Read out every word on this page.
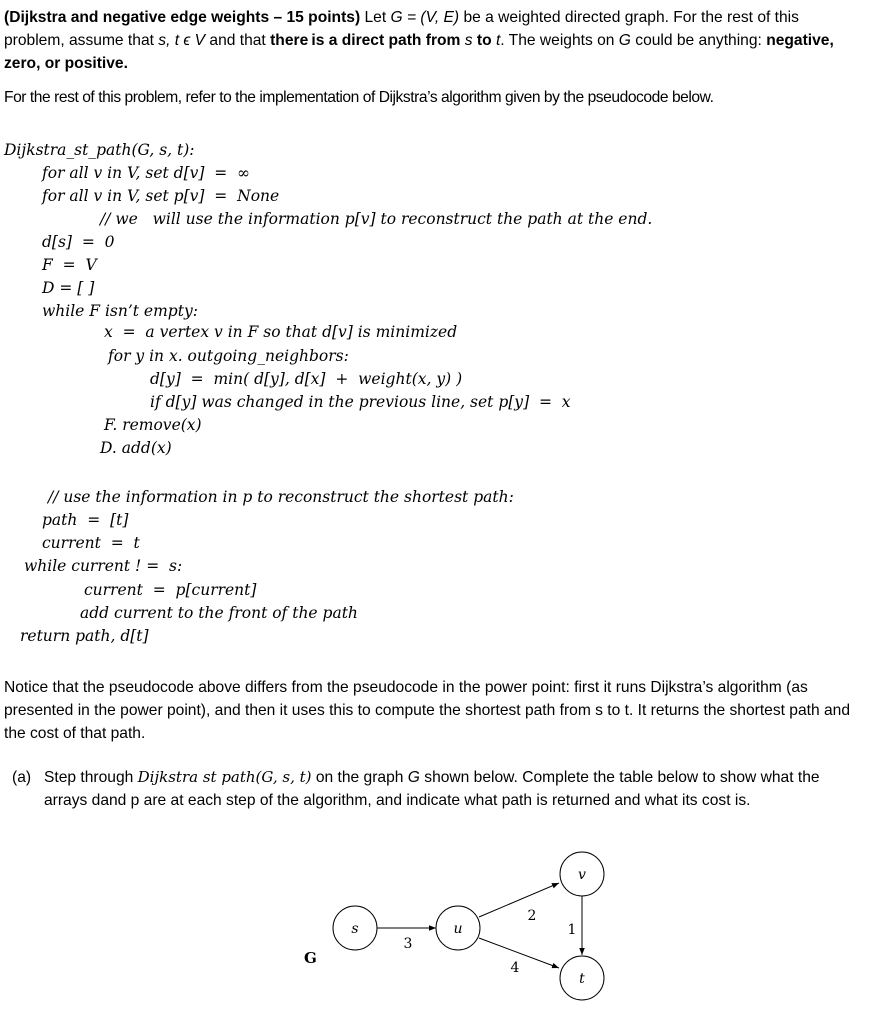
(Dijkstra and negative edge weights – 15 points) Let G = (V, E) be a weighted directed graph. For the rest of this problem, assume that s, t ϵ V and that there is a direct path from s to t. The weights on G could be anything: negative, zero, or positive.
For the rest of this problem, refer to the implementation of Dijkstra’s algorithm given by the pseudocode below.
Dijkstra_st_path(G, s, t):
for all v in V, set d[v]  =  ∞
for all v in V, set p[v]  =  None
// we   will use the information p[v] to reconstruct the path at the end.
d[s]  =  0
F  =  V
D = [ ]
while F isn’t empty:
x  =  a vertex v in F so that d[v] is minimized
for y in x. outgoing_neighbors:
d[y]  =  min( d[y], d[x]  +  weight(x, y) )
if d[y] was changed in the previous line, set p[y]  =  x
F. remove(x)
D. add(x)
// use the information in p to reconstruct the shortest path:
path  =  [t]
current  =  t
while current ! =  s:
current  =  p[current]
add current to the front of the path
return path, d[t]
Notice that the pseudocode above differs from the pseudocode in the power point: first it runs Dijkstra’s algorithm (as presented in the power point), and then it uses this to compute the shortest path from s to t. It returns the shortest path and the cost of that path.
(a) Step through Dijkstra st path(G, s, t) on the graph G shown below. Complete the table below to show what the arrays dand p are at each step of the algorithm, and indicate what path is returned and what its cost is.
s	u
v
t
3
2
4
1
G
